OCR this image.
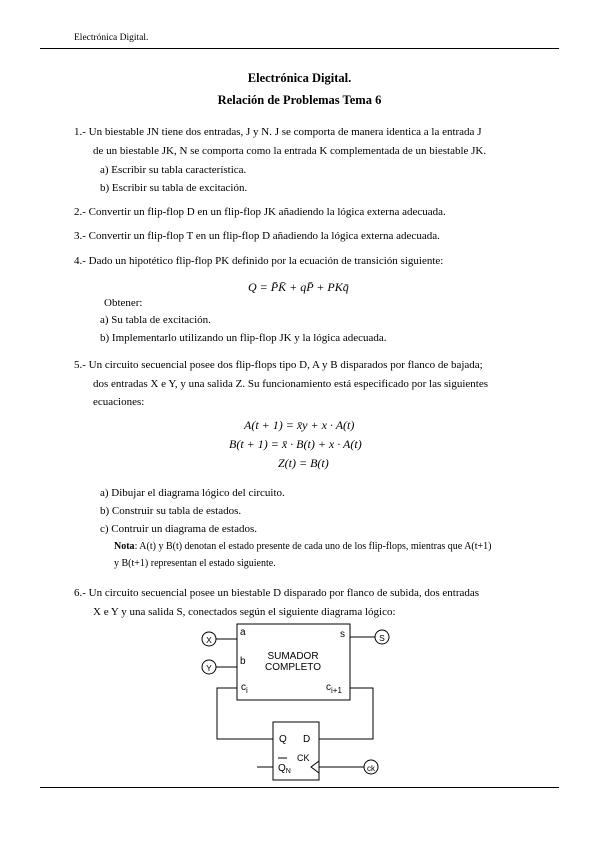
Electrónica Digital.
Electrónica Digital.
Relación de Problemas Tema 6
1.- Un biestable JN tiene dos entradas, J y N. J se comporta de manera identica a la entrada J
de un biestable JK, N se comporta como la entrada K complementada de un biestable JK.
a) Escribir su tabla característica.
b) Escribir su tabla de excitación.
2.- Convertir un flip-flop D en un flip-flop JK añadiendo la lógica externa adecuada.
3.- Convertir un flip-flop T en un flip-flop D añadiendo la lógica externa adecuada.
4.- Dado un hipotético flip-flop PK definido por la ecuación de transición siguiente:
Q = P̄K̄ + qP̄ + PKq̄
Obtener:
a) Su tabla de excitación.
b) Implementarlo utilizando un flip-flop JK y la lógica adecuada.
5.- Un circuito secuencial posee dos flip-flops tipo D, A y B disparados por flanco de bajada;
dos entradas X e Y, y una salida Z. Su funcionamiento está especificado por las siguientes
ecuaciones:
A(t + 1) = x̄y + x · A(t)
B(t + 1) = x̄ · B(t) + x · A(t)
Z(t) = B(t)
a) Dibujar el diagrama lógico del circuito.
b) Construir su tabla de estados.
c) Contruir un diagrama de estados.
Nota: A(t) y B(t) denotan el estado presente de cada uno de los flip-flops, mientras que A(t+1)
y B(t+1) representan el estado siguiente.
6.- Un circuito secuencial posee un biestable D disparado por flanco de subida, dos entradas
X e Y y una salida S, conectados según el siguiente diagrama lógico:
a
b
s
$c_i$	$c_{i+1}$
SUMADOR
COMPLETO
X
Y
S
ck
Q D
CK
$Q_N$
